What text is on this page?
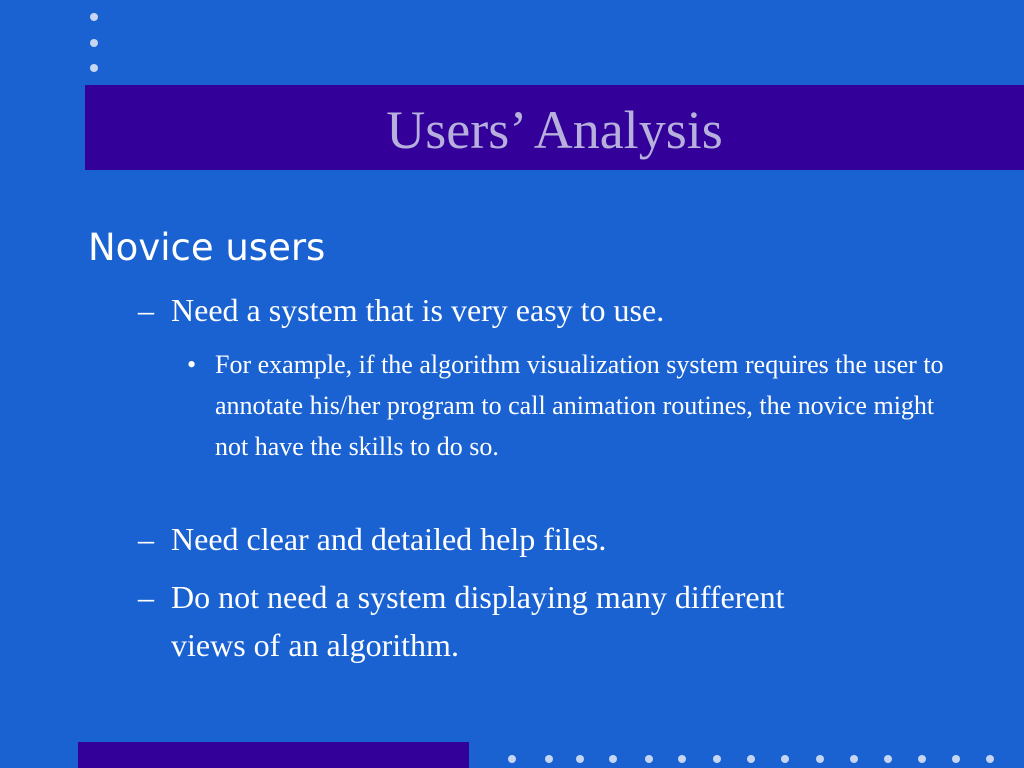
Users’ Analysis
Novice users
– Need a system that is very easy to use.
• For example, if the algorithm visualization system requires the user to annotate his/her program to call animation routines, the novice might not have the skills to do so.
– Need clear and detailed help files.
– Do not need a system displaying many different views of an algorithm.
